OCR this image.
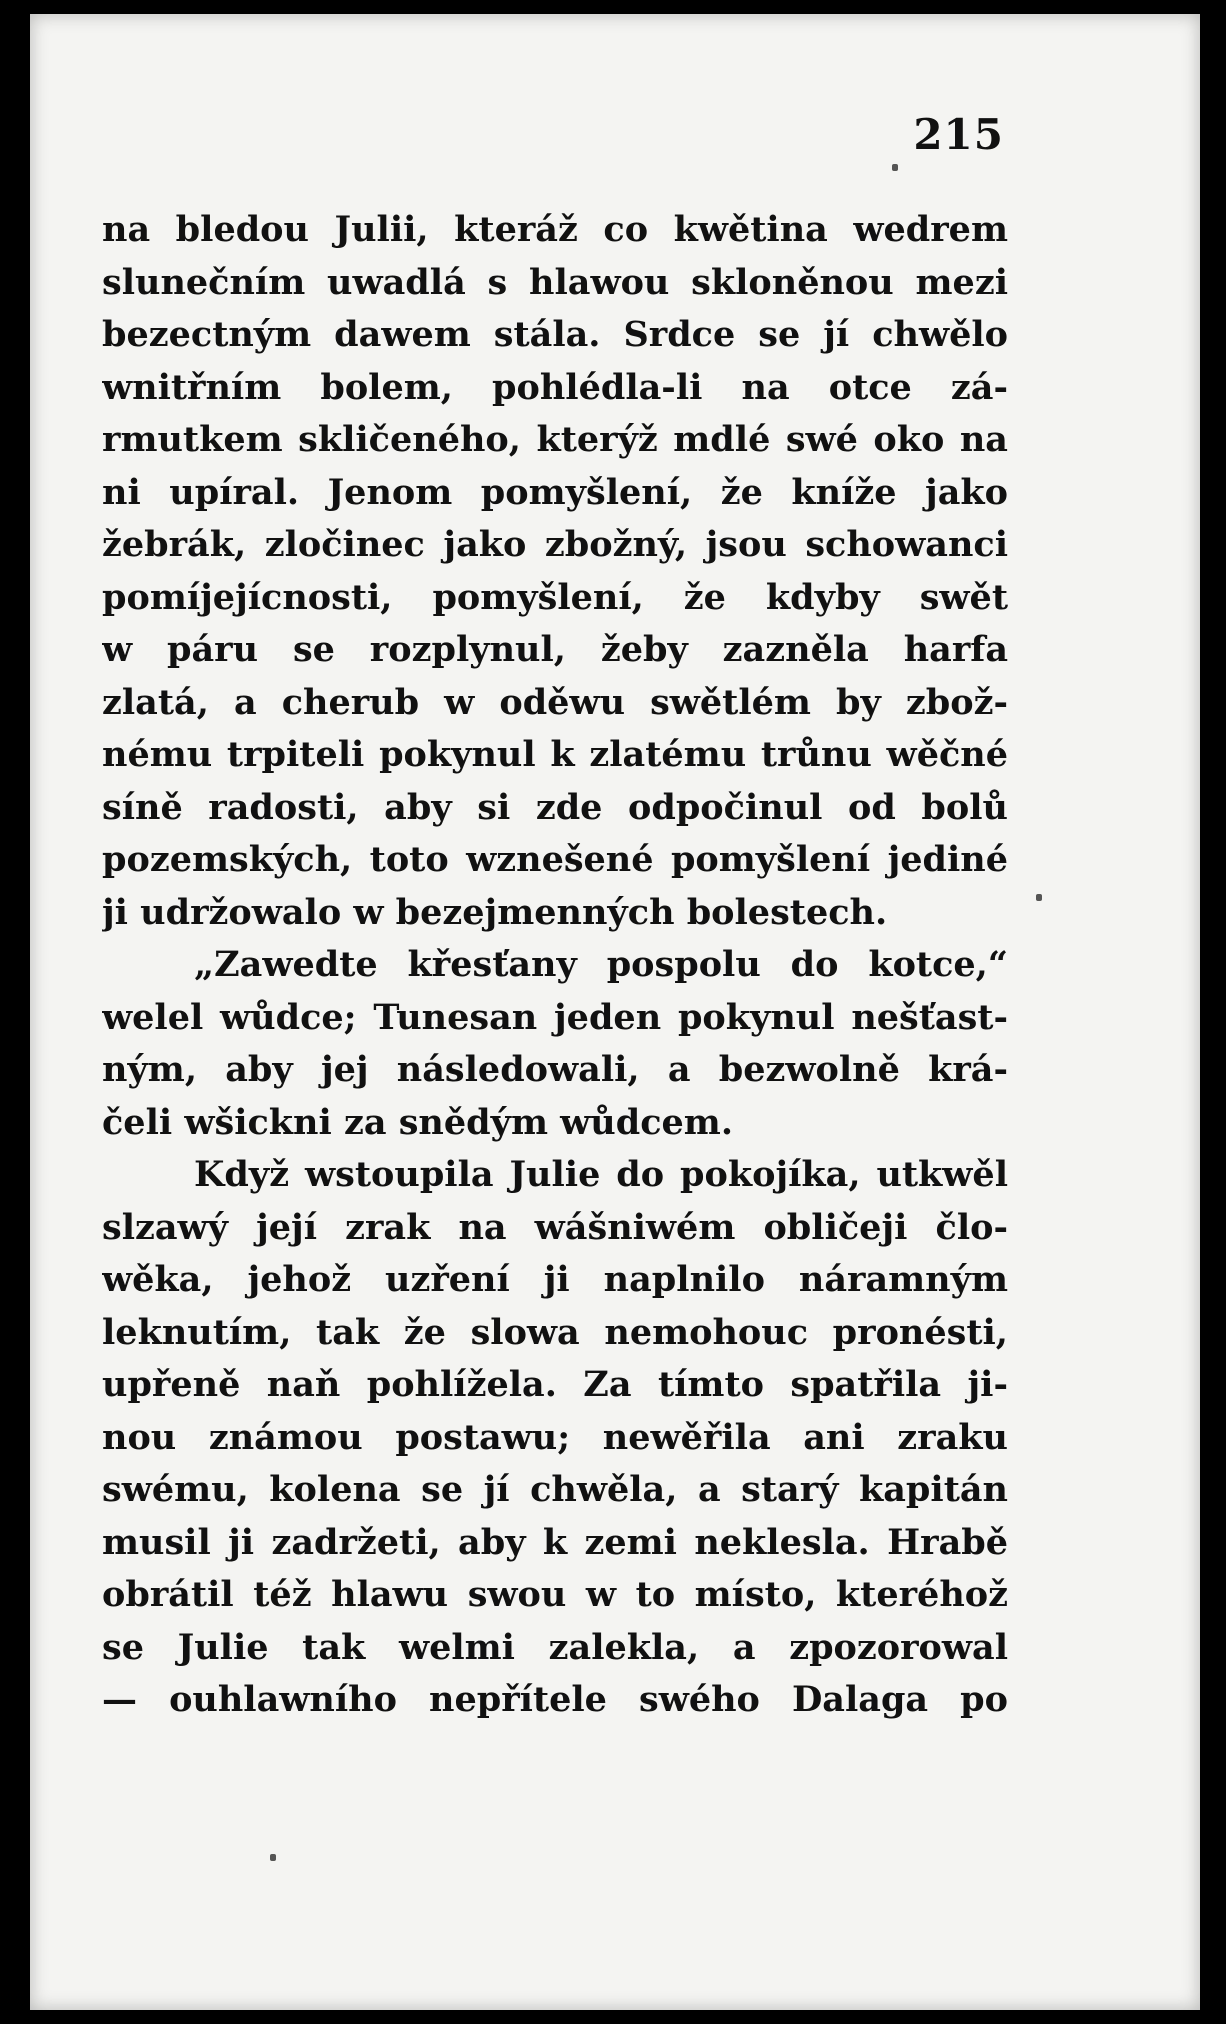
215
na bledou Julii, kteráž co kwětina wedrem
slunečním uwadlá s hlawou skloněnou mezi
bezectným dawem stála. Srdce se jí chwělo
wnitřním bolem, pohlédla-li na otce zá-
rmutkem skličeného, kterýž mdlé swé oko na
ni upíral. Jenom pomyšlení, že kníže jako
žebrák, zločinec jako zbožný, jsou schowanci
pomíjejícnosti, pomyšlení, že kdyby swět
w páru se rozplynul, žeby zazněla harfa
zlatá, a cherub w oděwu swětlém by zbož-
nému trpiteli pokynul k zlatému trůnu wěčné
síně radosti, aby si zde odpočinul od bolů
pozemských, toto wznešené pomyšlení jediné
ji udržowalo w bezejmenných bolestech.
„Zawedte křesťany pospolu do kotce,“
welel wůdce; Tunesan jeden pokynul nešťast-
ným, aby jej následowali, a bezwolně krá-
čeli wšickni za snědým wůdcem.
Když wstoupila Julie do pokojíka, utkwěl
slzawý její zrak na wášniwém obličeji člo-
wěka, jehož uzření ji naplnilo náramným
leknutím, tak že slowa nemohouc pronésti,
upřeně naň pohlížela. Za tímto spatřila ji-
nou známou postawu; newěřila ani zraku
swému, kolena se jí chwěla, a starý kapitán
musil ji zadržeti, aby k zemi neklesla. Hrabě
obrátil též hlawu swou w to místo, kteréhož
se Julie tak welmi zalekla, a zpozorowal
— ouhlawního nepřítele swého Dalaga po
